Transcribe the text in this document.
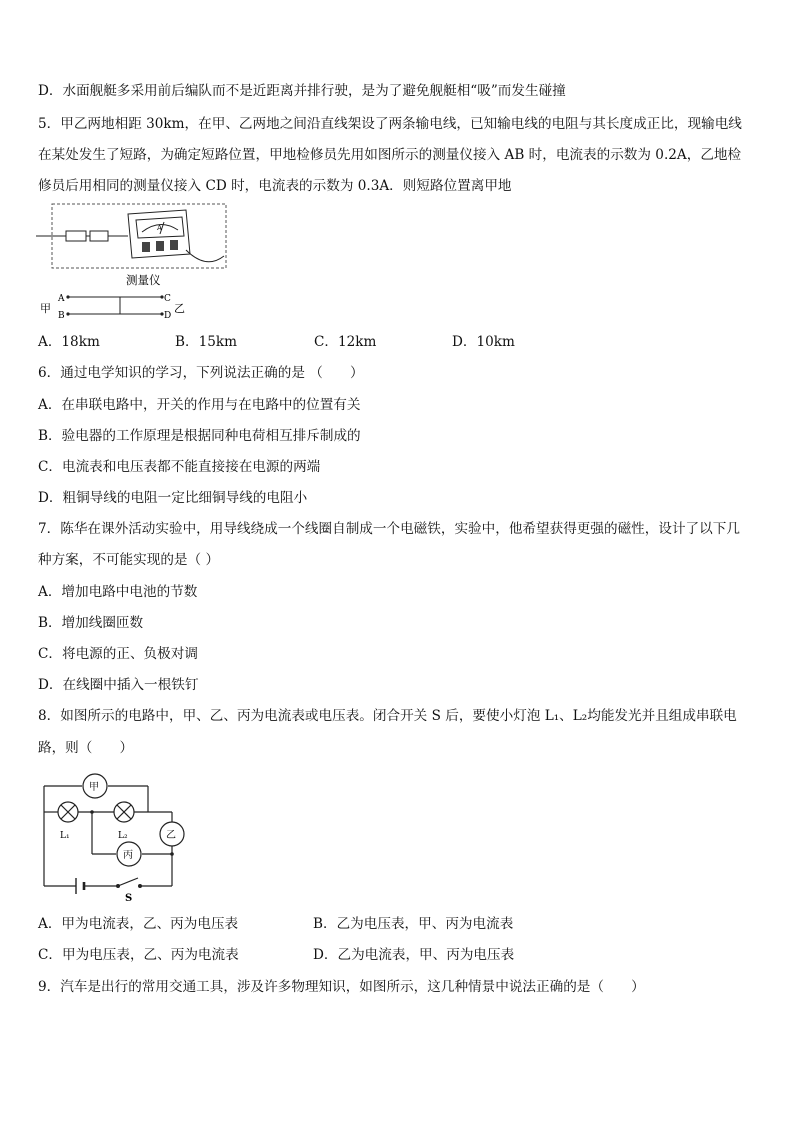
D．水面舰艇多采用前后编队而不是近距离并排行驶，是为了避免舰艇相“吸”而发生碰撞
5．甲乙两地相距 30km，在甲、乙两地之间沿直线架设了两条输电线，已知输电线的电阻与其长度成正比，现输电线
在某处发生了短路，为确定短路位置，甲地检修员先用如图所示的测量仪接入 AB 时，电流表的示数为 0.2A，乙地检
修员后用相同的测量仪接入 CD 时，电流表的示数为 0.3A．则短路位置离甲地
A
测量仪
甲
A
B
C
D
乙
A．18km	B．15km	C．12km	D．10km
6．通过电学知识的学习，下列说法正确的是 （　　）
A．在串联电路中，开关的作用与在电路中的位置有关
B．验电器的工作原理是根据同种电荷相互排斥制成的
C．电流表和电压表都不能直接接在电源的两端
D．粗铜导线的电阻一定比细铜导线的电阻小
7．陈华在课外活动实验中，用导线绕成一个线圈自制成一个电磁铁，实验中，他希望获得更强的磁性，设计了以下几
种方案，不可能实现的是（ ）
A．增加电路中电池的节数
B．增加线圈匝数
C．将电源的正、负极对调
D．在线圈中插入一根铁钉
8．如图所示的电路中，甲、乙、丙为电流表或电压表。闭合开关 S 后，要使小灯泡 L₁、L₂均能发光并且组成串联电
路，则（　　）
甲
乙
丙
L₁	L₂
S
A．甲为电流表，乙、丙为电压表	B．乙为电压表，甲、丙为电流表
C．甲为电压表，乙、丙为电流表	D．乙为电流表，甲、丙为电压表
9．汽车是出行的常用交通工具，涉及许多物理知识，如图所示，这几种情景中说法正确的是（　　）
